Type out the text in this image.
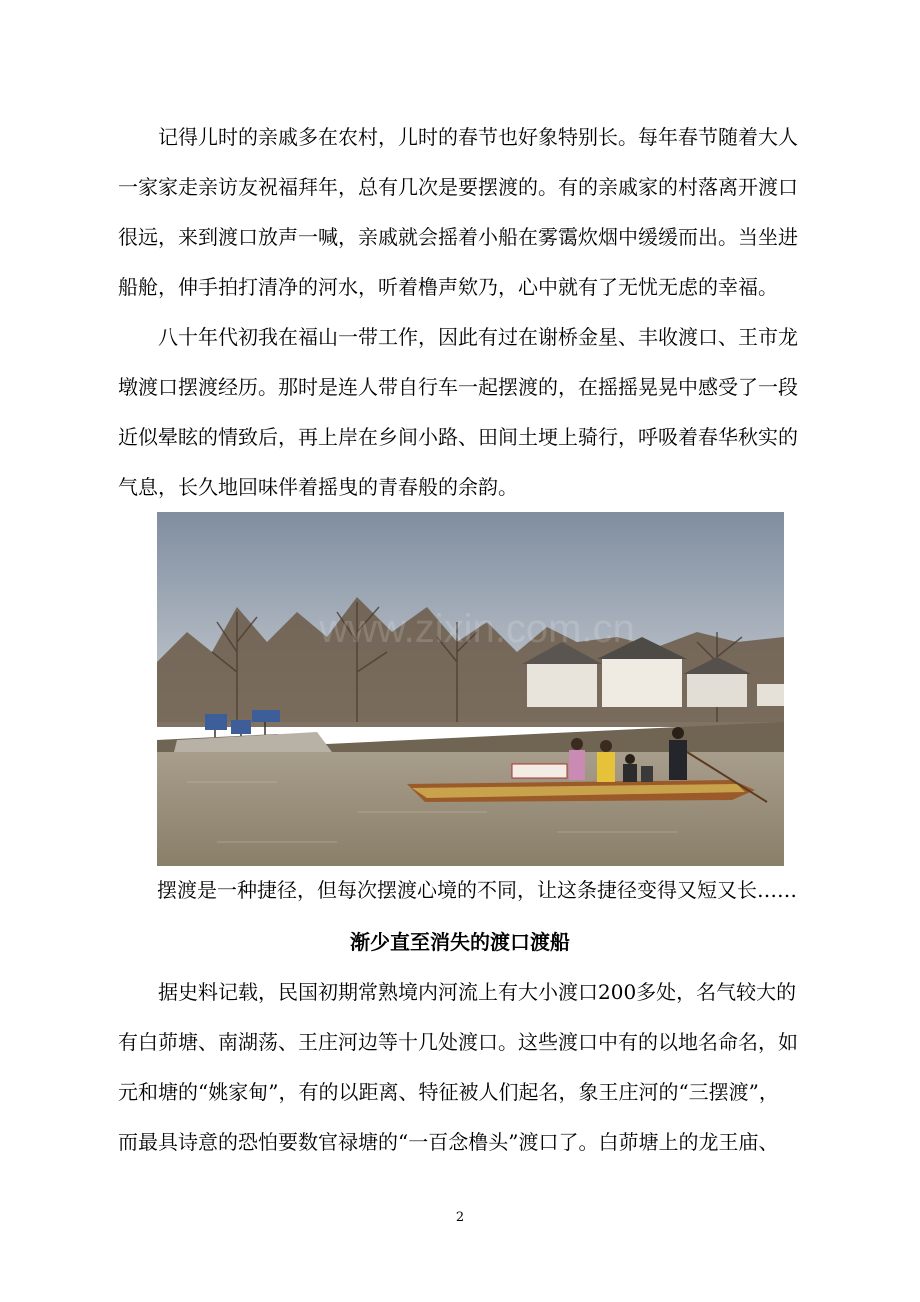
记得儿时的亲戚多在农村，儿时的春节也好象特别长。每年春节随着大人
一家家走亲访友祝福拜年，总有几次是要摆渡的。有的亲戚家的村落离开渡口
很远，来到渡口放声一喊，亲戚就会摇着小船在雾霭炊烟中缓缓而出。当坐进
船舱，伸手拍打清净的河水，听着橹声欸乃，心中就有了无忧无虑的幸福。
八十年代初我在福山一带工作，因此有过在谢桥金星、丰收渡口、王市龙
墩渡口摆渡经历。那时是连人带自行车一起摆渡的，在摇摇晃晃中感受了一段
近似晕眩的情致后，再上岸在乡间小路、田间土埂上骑行，呼吸着春华秋实的
气息，长久地回味伴着摇曳的青春般的余韵。
www.zixin.com.cn
摆渡是一种捷径，但每次摆渡心境的不同，让这条捷径变得又短又长……
渐少直至消失的渡口渡船
据史料记载，民国初期常熟境内河流上有大小渡口200多处，名气较大的
有白茆塘、南湖荡、王庄河边等十几处渡口。这些渡口中有的以地名命名，如
元和塘的“姚家甸”，有的以距离、特征被人们起名，象王庄河的“三摆渡”，
而最具诗意的恐怕要数官禄塘的“一百念橹头”渡口了。白茆塘上的龙王庙、
2
